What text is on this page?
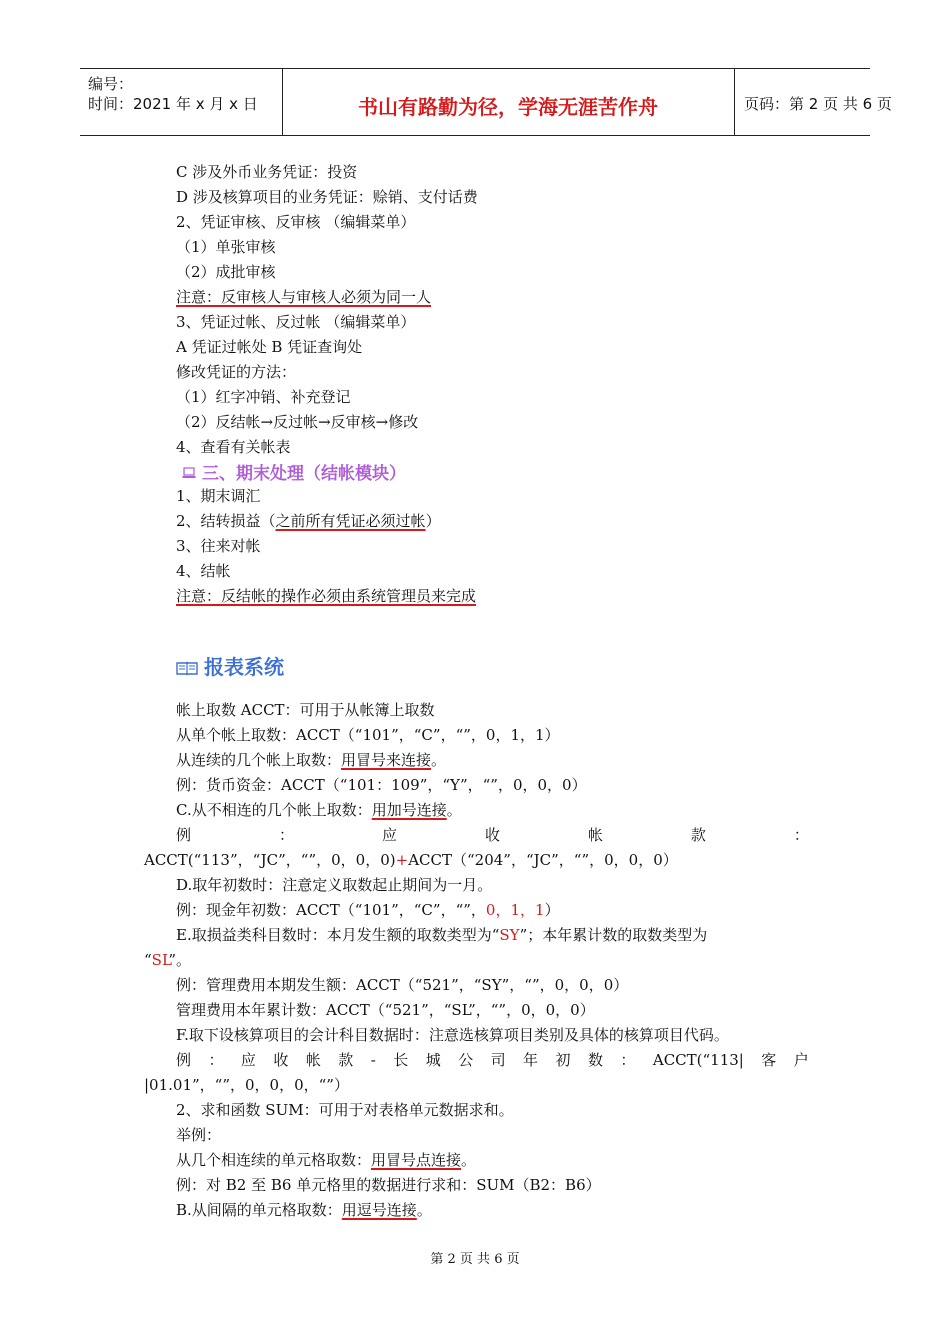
编号：
时间：2021 年 x 月 x 日	书山有路勤为径，学海无涯苦作舟	页码：第 2 页 共 6 页
C 涉及外币业务凭证：投资
D 涉及核算项目的业务凭证：赊销、支付话费
2、凭证审核、反审核 （编辑菜单）
（1）单张审核
（2）成批审核
注意：反审核人与审核人必须为同一人
3、凭证过帐、反过帐 （编辑菜单）
A 凭证过帐处 B 凭证查询处
修改凭证的方法：
（1）红字冲销、补充登记
（2）反结帐→反过帐→反审核→修改
4、查看有关帐表
三、期末处理（结帐模块）
1、期末调汇
2、结转损益（之前所有凭证必须过帐）
3、往来对帐
4、结帐
注意：反结帐的操作必须由系统管理员来完成
报表系统
帐上取数 ACCT：可用于从帐簿上取数
从单个帐上取数：ACCT（“101”，“C”，“”，0，1，1）
从连续的几个帐上取数：用冒号来连接。
例：货币资金：ACCT（“101：109”，“Y”，“”，0，0，0）
C.从不相连的几个帐上取数：用加号连接。
例	：	应	收	帐	款	：
ACCT(“113”，“JC”，“”，0，0，0)+ACCT（“204”，“JC”，“”，0，0，0）
D.取年初数时：注意定义取数起止期间为一月。
例：现金年初数：ACCT（“101”，“C”，“”，0，1，1）
E.取损益类科目数时：本月发生额的取数类型为“SY”；本年累计数的取数类型为
“SL”。
例：管理费用本期发生额：ACCT（“521”，“SY”，“”，0，0，0）
管理费用本年累计数：ACCT（“521”，“SL”，“”，0，0，0）
F.取下设核算项目的会计科目数据时：注意选核算项目类别及具体的核算项目代码。
例 ： 应 收 帐 款 - 长 城 公 司 年 初 数 ： ACCT(“113| 客 户
|01.01”，“”，0，0，0，“”）
2、求和函数 SUM：可用于对表格单元数据求和。
举例：
从几个相连续的单元格取数：用冒号点连接。
例：对 B2 至 B6 单元格里的数据进行求和：SUM（B2：B6）
B.从间隔的单元格取数：用逗号连接。
第 2 页 共 6 页
